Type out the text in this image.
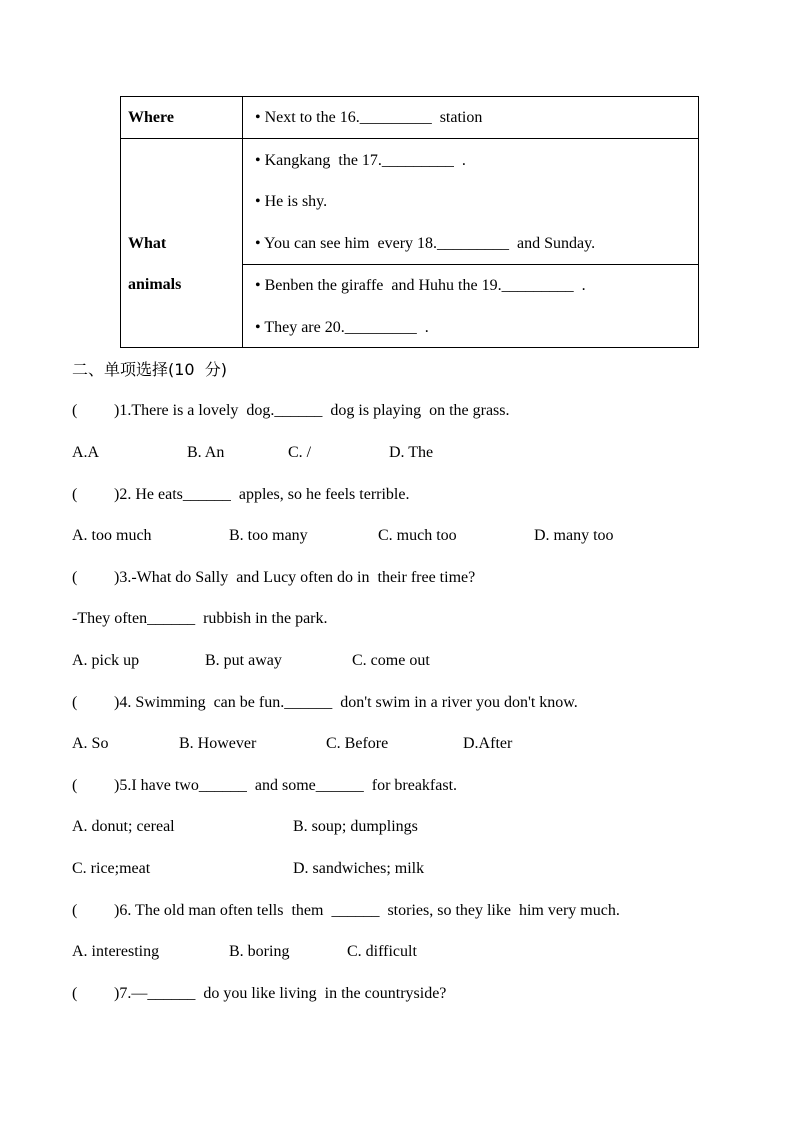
Where	• Next to the 16._________  station
What
animals
• Kangkang  the 17._________  .
• He is shy.
• You can see him  every 18._________  and Sunday.
• Benben the giraffe  and Huhu the 19._________  .
• They are 20._________  .
二、单项选择(10  分)
( )1.There is a lovely  dog.______  dog is playing  on the grass.
A.A	B. An	C. /	D. The
( )2. He eats______  apples, so he feels terrible.
A. too much	B. too many	C. much too	D. many too
( )3.-What do Sally  and Lucy often do in  their free time?
-They often______  rubbish in the park.
A. pick up	B. put away	C. come out
( )4. Swimming  can be fun.______  don't swim in a river you don't know.
A. So	B. However	C. Before	D.After
( )5.I have two______  and some______  for breakfast.
A. donut; cereal	B. soup; dumplings
C. rice;meat	D. sandwiches; milk
( )6. The old man often tells  them  ______  stories, so they like  him very much.
A. interesting	B. boring	C. difficult
( )7.—______  do you like living  in the countryside?
